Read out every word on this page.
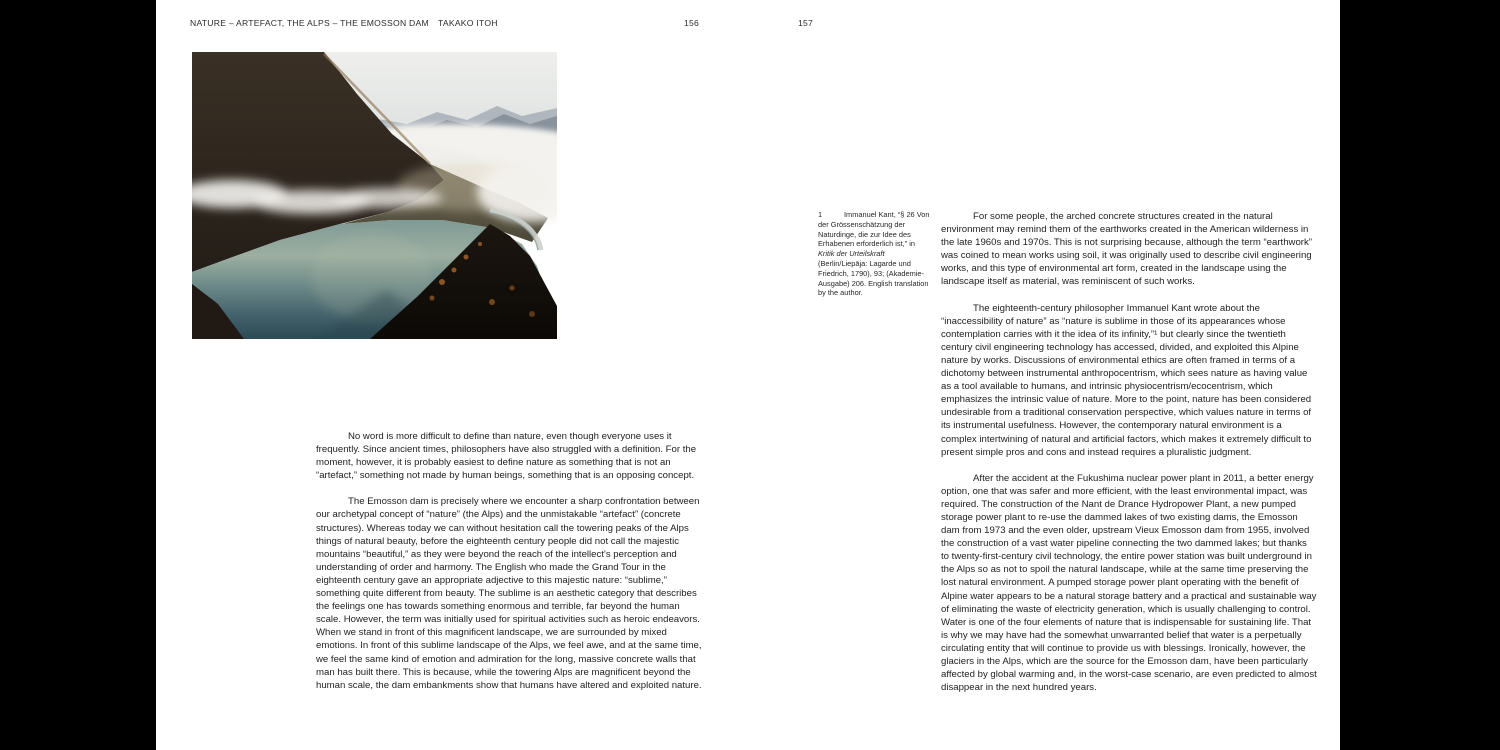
NATURE – ARTEFACT, THE ALPS – THE EMOSSON DAM TAKAKO ITOH	156	157

No word is more difficult to define than nature, even though everyone uses it frequently. Since ancient times, philosophers have also struggled with a definition. For the moment, however, it is probably easiest to define nature as something that is not an “artefact,” something not made by human beings, something that is an opposing concept.

The Emosson dam is precisely where we encounter a sharp confrontation between our archetypal concept of “nature” (the Alps) and the unmistakable “artefact” (concrete structures). Whereas today we can without hesitation call the towering peaks of the Alps things of natural beauty, before the eighteenth century people did not call the majestic mountains “beautiful,” as they were beyond the reach of the intellect's perception and understanding of order and harmony. The English who made the Grand Tour in the eighteenth century gave an appropriate adjective to this majestic nature: “sublime,” something quite different from beauty. The sublime is an aesthetic category that describes the feelings one has towards something enormous and terrible, far beyond the human scale. However, the term was initially used for spiritual activities such as heroic endeavors. When we stand in front of this magnificent landscape, we are surrounded by mixed emotions. In front of this sublime landscape of the Alps, we feel awe, and at the same time, we feel the same kind of emotion and admiration for the long, massive concrete walls that man has built there. This is because, while the towering Alps are magnificent beyond the human scale, the dam embankments show that humans have altered and exploited nature.

1	Immanuel Kant, “§ 26 Von der Grössenschätzung der Naturdinge, die zur Idee des Erhabenen erforderlich ist,” in Kritik der Urteilskraft (Berlin/Liepāja: Lagarde und Friedrich, 1790), 93; (Akademie-Ausgabe) 206. English translation by the author.

For some people, the arched concrete structures created in the natural environment may remind them of the earthworks created in the American wilderness in the late 1960s and 1970s. This is not surprising because, although the term “earthwork” was coined to mean works using soil, it was originally used to describe civil engineering works, and this type of environmental art form, created in the landscape using the landscape itself as material, was reminiscent of such works.

The eighteenth-century philosopher Immanuel Kant wrote about the “inaccessibility of nature” as “nature is sublime in those of its appearances whose contemplation carries with it the idea of its infinity,”¹ but clearly since the twentieth century civil engineering technology has accessed, divided, and exploited this Alpine nature by works. Discussions of environmental ethics are often framed in terms of a dichotomy between instrumental anthropocentrism, which sees nature as having value as a tool available to humans, and intrinsic physiocentrism/ecocentrism, which emphasizes the intrinsic value of nature. More to the point, nature has been considered undesirable from a traditional conservation perspective, which values nature in terms of its instrumental usefulness. However, the contemporary natural environment is a complex intertwining of natural and artificial factors, which makes it extremely difficult to present simple pros and cons and instead requires a pluralistic judgment.

After the accident at the Fukushima nuclear power plant in 2011, a better energy option, one that was safer and more efficient, with the least environmental impact, was required. The construction of the Nant de Drance Hydropower Plant, a new pumped storage power plant to re-use the dammed lakes of two existing dams, the Emosson dam from 1973 and the even older, upstream Vieux Emosson dam from 1955, involved the construction of a vast water pipeline connecting the two dammed lakes; but thanks to twenty-first-century civil technology, the entire power station was built underground in the Alps so as not to spoil the natural landscape, while at the same time preserving the lost natural environment. A pumped storage power plant operating with the benefit of Alpine water appears to be a natural storage battery and a practical and sustainable way of eliminating the waste of electricity generation, which is usually challenging to control. Water is one of the four elements of nature that is indispensable for sustaining life. That is why we may have had the somewhat unwarranted belief that water is a perpetually circulating entity that will continue to provide us with blessings. Ironically, however, the glaciers in the Alps, which are the source for the Emosson dam, have been particularly affected by global warming and, in the worst-case scenario, are even predicted to almost disappear in the next hundred years.
